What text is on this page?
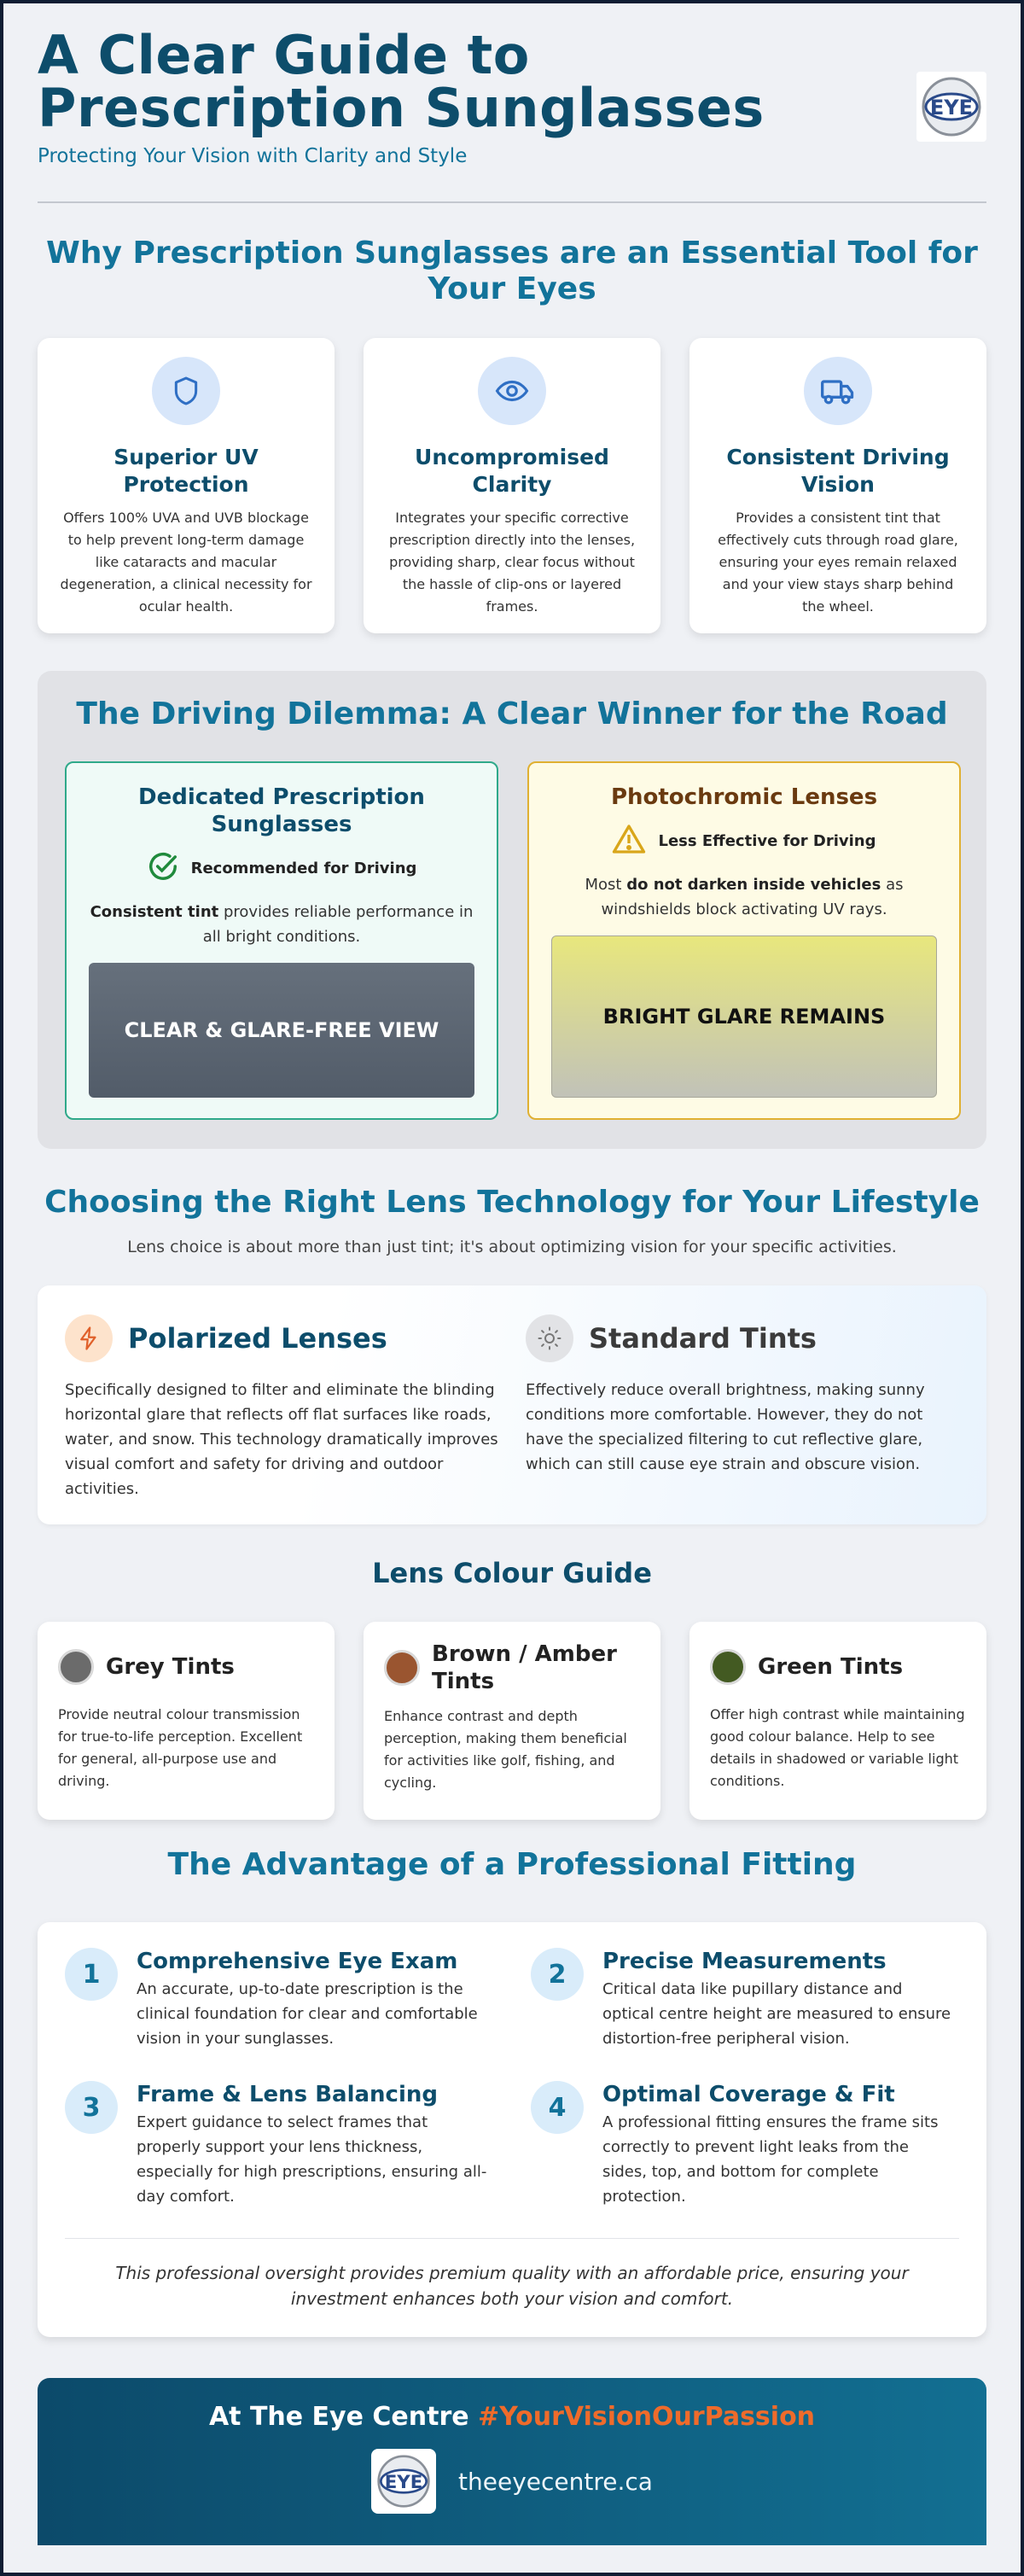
A Clear Guide to Prescription Sunglasses
Protecting Your Vision with Clarity and Style
EYE
Why Prescription Sunglasses are an Essential Tool for Your Eyes
Superior UV Protection

Offers 100% UVA and UVB blockage to help prevent long-term damage like cataracts and macular degeneration, a clinical necessity for ocular health.

Uncompromised Clarity

Integrates your specific corrective prescription directly into the lenses, providing sharp, clear focus without the hassle of clip-ons or layered frames.

Consistent Driving Vision

Provides a consistent tint that effectively cuts through road glare, ensuring your eyes remain relaxed and your view stays sharp behind the wheel.

The Driving Dilemma: A Clear Winner for the Road
Dedicated Prescription Sunglasses
Recommended for Driving

Consistent tint provides reliable performance in all bright conditions.

CLEAR & GLARE-FREE VIEW
Photochromic Lenses
Less Effective for Driving

Most do not darken inside vehicles as windshields block activating UV rays.

BRIGHT GLARE REMAINS
Choosing the Right Lens Technology for Your Lifestyle
Lens choice is about more than just tint; it's about optimizing vision for your specific activities.
Polarized Lenses

Specifically designed to filter and eliminate the blinding horizontal glare that reflects off flat surfaces like roads, water, and snow. This technology dramatically improves visual comfort and safety for driving and outdoor activities.

Standard Tints

Effectively reduce overall brightness, making sunny conditions more comfortable. However, they do not have the specialized filtering to cut reflective glare, which can still cause eye strain and obscure vision.

Lens Colour Guide
Grey Tints

Provide neutral colour transmission for true-to-life perception. Excellent for general, all-purpose use and driving.

Brown / Amber Tints

Enhance contrast and depth perception, making them beneficial for activities like golf, fishing, and cycling.

Green Tints

Offer high contrast while maintaining good colour balance. Help to see details in shadowed or variable light conditions.

The Advantage of a Professional Fitting
1	Comprehensive Eye Exam

An accurate, up-to-date prescription is the clinical foundation for clear and comfortable vision in your sunglasses.

2	Precise Measurements

Critical data like pupillary distance and optical centre height are measured to ensure distortion-free peripheral vision.

3	Frame & Lens Balancing

Expert guidance to select frames that properly support your lens thickness, especially for high prescriptions, ensuring all-day comfort.

4	Optimal Coverage & Fit

A professional fitting ensures the frame sits correctly to prevent light leaks from the sides, top, and bottom for complete protection.

This professional oversight provides premium quality with an affordable price, ensuring your investment enhances both your vision and comfort.
At The Eye Centre #YourVisionOurPassion
EYE theeyecentre.ca
